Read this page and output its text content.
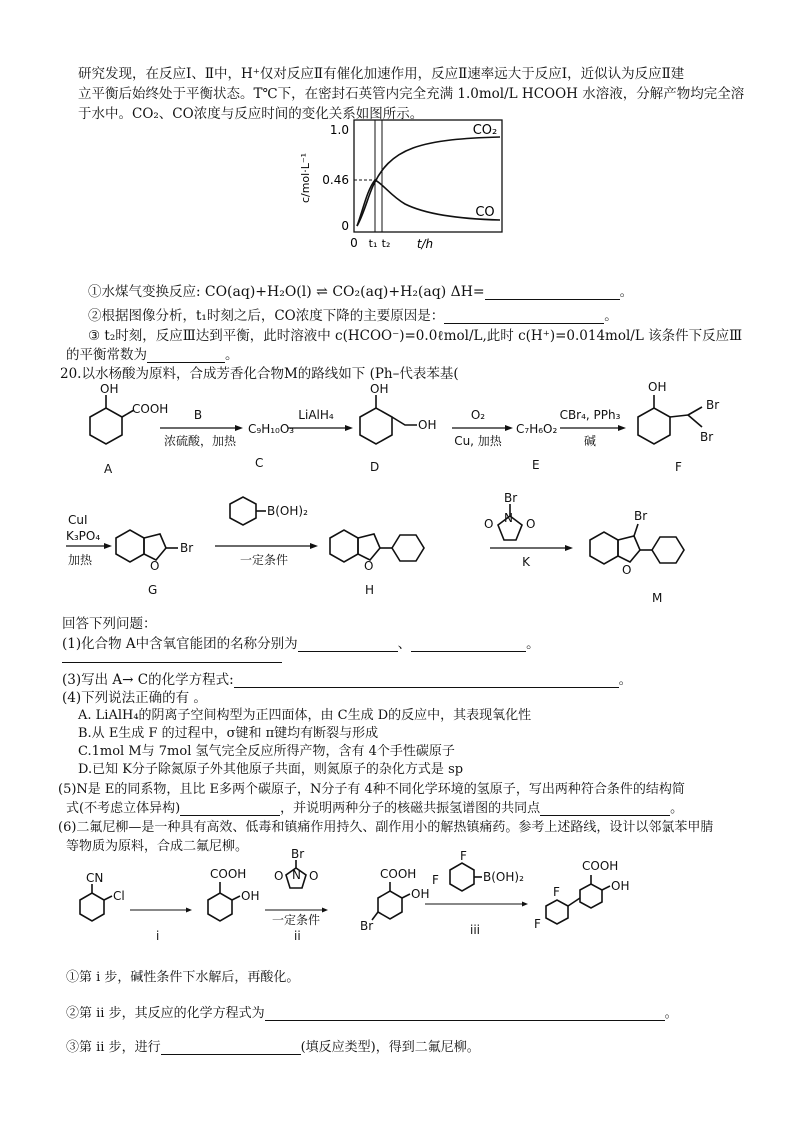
研究发现，在反应Ⅰ、Ⅱ中，H⁺仅对反应Ⅱ有催化加速作用，反应Ⅱ速率远大于反应Ⅰ，近似认为反应Ⅱ建
立平衡后始终处于平衡状态。T℃下，在密封石英管内完全充满 1.0mol/L HCOOH 水溶液，分解产物均完全溶
于水中。CO₂、CO浓度与反应时间的变化关系如图所示。
1.0
0.46
0
0 t₁ t₂ t/h
c/mol·L⁻¹
CO₂
CO
①水煤气变换反应: CO(aq)+H₂O(l) ⇌ CO₂(aq)+H₂(aq) ΔH=	。
②根据图像分析，t₁时刻之后，CO浓度下降的主要原因是：	。
③ t₂时刻，反应Ⅲ达到平衡，此时溶液中 c(HCOO⁻)=0.0ℓmol/L,此时 c(H⁺)=0.014mol/L 该条件下反应Ⅲ
的平衡常数为	。
20.以水杨酸为原料，合成芳香化合物M的路线如下 (Ph–代表苯基(
OH
COOH
A
B
浓硫酸，加热
C₉H₁₀O₃
C
LiAlH₄
OH
OH
D
O₂
Cu, 加热
C₇H₆O₂
E
CBr₄, PPh₃
碱
OH
Br
Br
F
CuI
K₃PO₄
加热	O
Br
G
B(OH)₂
一定条件	O
H
Br
N
O	O
K
Br
O
M
回答下列问题：
(1)化合物 A中含氧官能团的名称分别为	、	。
(3)写出 A→ C的化学方程式:	。
(4)下列说法正确的有 。
A. LiAlH₄的阴离子空间构型为正四面体，由 C生成 D的反应中，其表现氧化性
B.从 E生成 F 的过程中，σ键和 π键均有断裂与形成
C.1mol M与 7mol 氢气完全反应所得产物，含有 4个手性碳原子
D.已知 K分子除氮原子外其他原子共面，则氮原子的杂化方式是 sp
(5)N是 E的同系物，且比 E多两个碳原子，N分子有 4种不同化学环境的氢原子，写出两种符合条件的结构简
式(不考虑立体异构)	，并说明两种分子的核磁共振氢谱图的共同点	。
(6)二氟尼柳—是一种具有高效、低毒和镇痛作用持久、副作用小的解热镇痛药。参考上述路线，设计以邻氯苯甲腈
等物质为原料，合成二氟尼柳。
CN
Cl
i
COOH
OH
Br
N
O O
一定条件
ii
COOH
OH
Br
F
F	B(OH)₂
iii
F
F
COOH
OH
①第 i 步，碱性条件下水解后，再酸化。
②第 ii 步，其反应的化学方程式为	。
③第 ii 步，进行	(填反应类型)，得到二氟尼柳。
